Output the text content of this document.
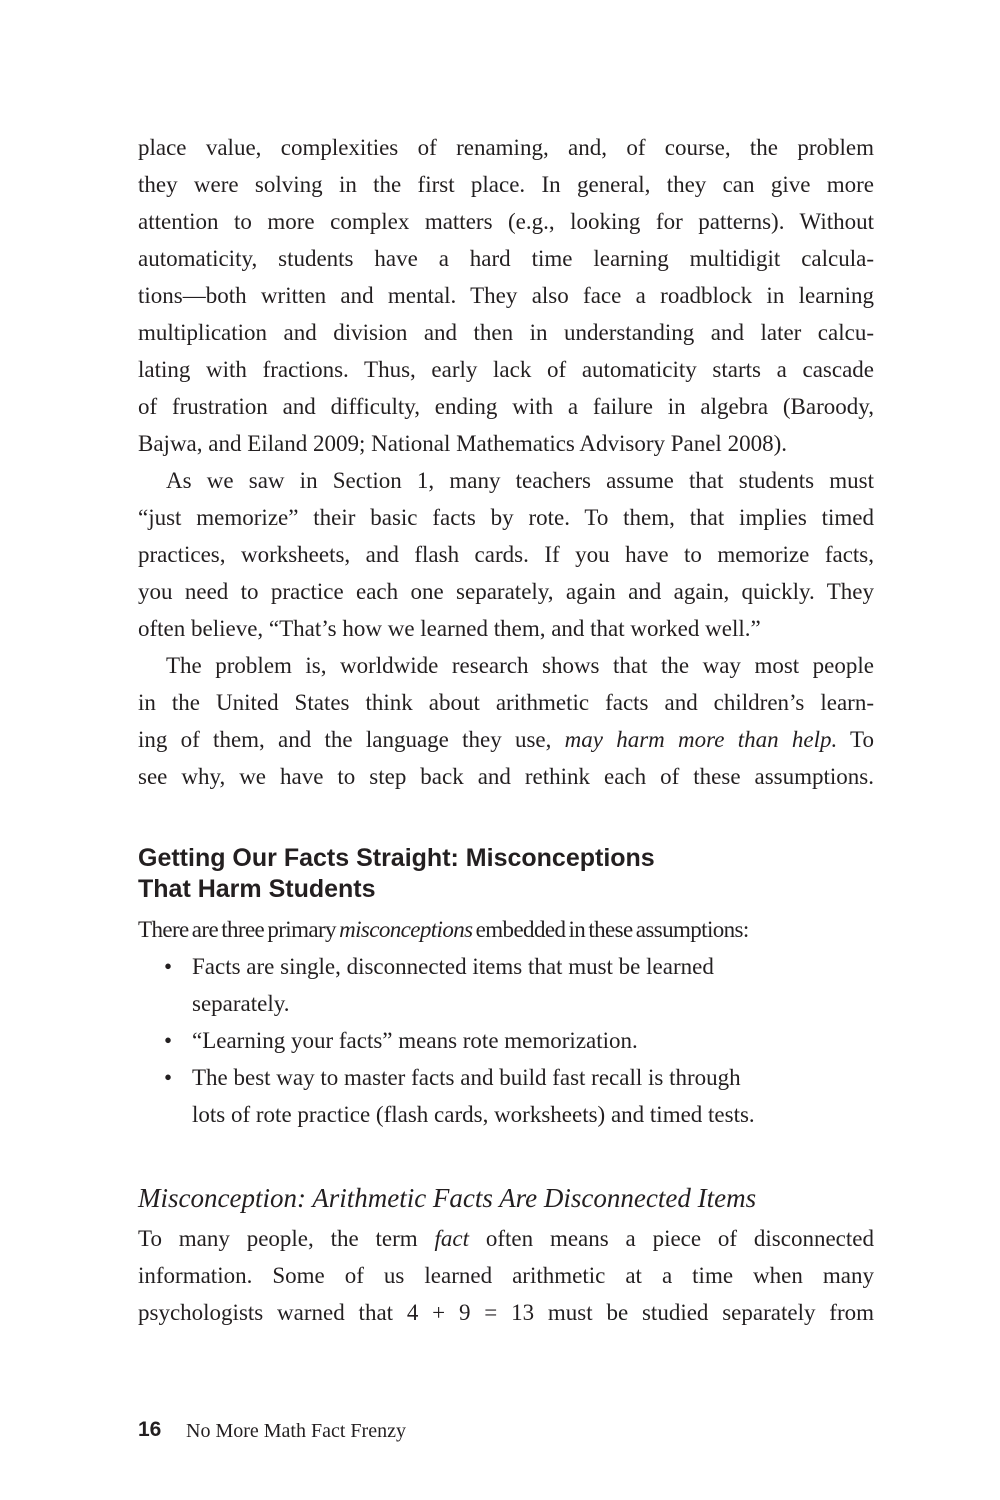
place value, complexities of renaming, and, of course, the problem
they were solving in the first place. In general, they can give more
attention to more complex matters (e.g., looking for patterns). Without
automaticity, students have a hard time learning multidigit calcula-
tions—both written and mental. They also face a roadblock in learning
multiplication and division and then in understanding and later calcu-
lating with fractions. Thus, early lack of automaticity starts a cascade
of frustration and difficulty, ending with a failure in algebra (Baroody,
Bajwa, and Eiland 2009; National Mathematics Advisory Panel 2008).
As we saw in Section 1, many teachers assume that students must
“just memorize” their basic facts by rote. To them, that implies timed
practices, worksheets, and flash cards. If you have to memorize facts,
you need to practice each one separately, again and again, quickly. They
often believe, “That’s how we learned them, and that worked well.”
The problem is, worldwide research shows that the way most people
in the United States think about arithmetic facts and children’s learn-
ing of them, and the language they use, may harm more than help. To
see why, we have to step back and rethink each of these assumptions.
Getting Our Facts Straight: Misconceptions
That Harm Students
There are three primary misconceptions embedded in these assumptions:
• Facts are single, disconnected items that must be learned
separately.
• “Learning your facts” means rote memorization.
• The best way to master facts and build fast recall is through
lots of rote practice (flash cards, worksheets) and timed tests.
Misconception: Arithmetic Facts Are Disconnected Items
To many people, the term fact often means a piece of disconnected
information. Some of us learned arithmetic at a time when many
psychologists warned that 4 + 9 = 13 must be studied separately from
16 No More Math Fact Frenzy
